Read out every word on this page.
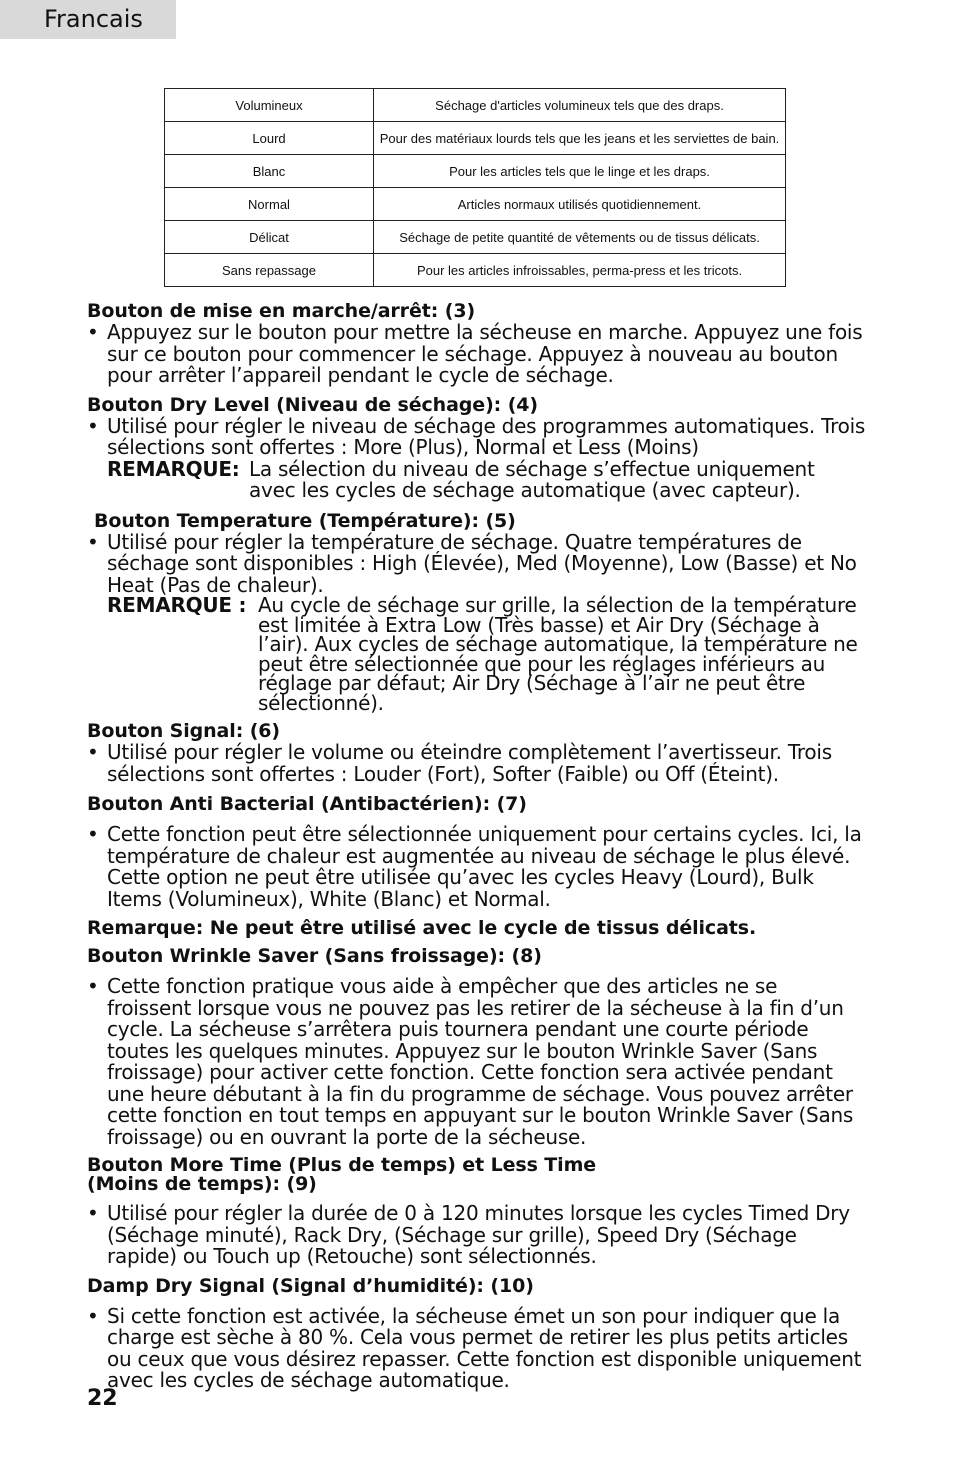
Francais
Volumineux	Séchage d'articles volumineux tels que des draps.
Lourd	Pour des matériaux lourds tels que les jeans et les serviettes de bain.
Blanc	Pour les articles tels que le linge et les draps.
Normal	Articles normaux utilisés quotidiennement.
Délicat	Séchage de petite quantité de vêtements ou de tissus délicats.
Sans repassage	Pour les articles infroissables, perma-press et les tricots.
Bouton de mise en marche/arrêt: (3)
• Appuyez sur le bouton pour mettre la sécheuse en marche. Appuyez une fois sur ce bouton pour commencer le séchage. Appuyez à nouveau au bouton pour arrêter l’appareil pendant le cycle de séchage.
Bouton Dry Level (Niveau de séchage): (4)
• Utilisé pour régler le niveau de séchage des programmes automatiques. Trois sélections sont offertes : More (Plus), Normal et Less (Moins)
REMARQUE: La sélection du niveau de séchage s’effectue uniquement avec les cycles de séchage automatique (avec capteur).
Bouton Temperature (Température): (5)
• Utilisé pour régler la température de séchage. Quatre températures de séchage sont disponibles : High (Élevée), Med (Moyenne), Low (Basse) et No Heat (Pas de chaleur).
REMARQUE : Au cycle de séchage sur grille, la sélection de la température est limitée à Extra Low (Très basse) et Air Dry (Séchage à l’air). Aux cycles de séchage automatique, la température ne peut être sélectionnée que pour les réglages inférieurs au réglage par défaut; Air Dry (Séchage à l’air ne peut être sélectionné).
Bouton Signal: (6)
• Utilisé pour régler le volume ou éteindre complètement l’avertisseur. Trois sélections sont offertes : Louder (Fort), Softer (Faible) ou Off (Éteint).
Bouton Anti Bacterial (Antibactérien): (7)
• Cette fonction peut être sélectionnée uniquement pour certains cycles. Ici, la température de chaleur est augmentée au niveau de séchage le plus élevé. Cette option ne peut être utilisée qu’avec les cycles Heavy (Lourd), Bulk Items (Volumineux), White (Blanc) et Normal.
Remarque: Ne peut être utilisé avec le cycle de tissus délicats.
Bouton Wrinkle Saver (Sans froissage): (8)
• Cette fonction pratique vous aide à empêcher que des articles ne se froissent lorsque vous ne pouvez pas les retirer de la sécheuse à la fin d’un cycle. La sécheuse s’arrêtera puis tournera pendant une courte période toutes les quelques minutes. Appuyez sur le bouton Wrinkle Saver (Sans froissage) pour activer cette fonction. Cette fonction sera activée pendant une heure débutant à la fin du programme de séchage. Vous pouvez arrêter cette fonction en tout temps en appuyant sur le bouton Wrinkle Saver (Sans froissage) ou en ouvrant la porte de la sécheuse.
Bouton More Time (Plus de temps) et Less Time (Moins de temps): (9)
• Utilisé pour régler la durée de 0 à 120 minutes lorsque les cycles Timed Dry (Séchage minuté), Rack Dry, (Séchage sur grille), Speed Dry (Séchage rapide) ou Touch up (Retouche) sont sélectionnés.
Damp Dry Signal (Signal d’humidité): (10)
• Si cette fonction est activée, la sécheuse émet un son pour indiquer que la charge est sèche à 80 %. Cela vous permet de retirer les plus petits articles ou ceux que vous désirez repasser. Cette fonction est disponible uniquement avec les cycles de séchage automatique.
22
